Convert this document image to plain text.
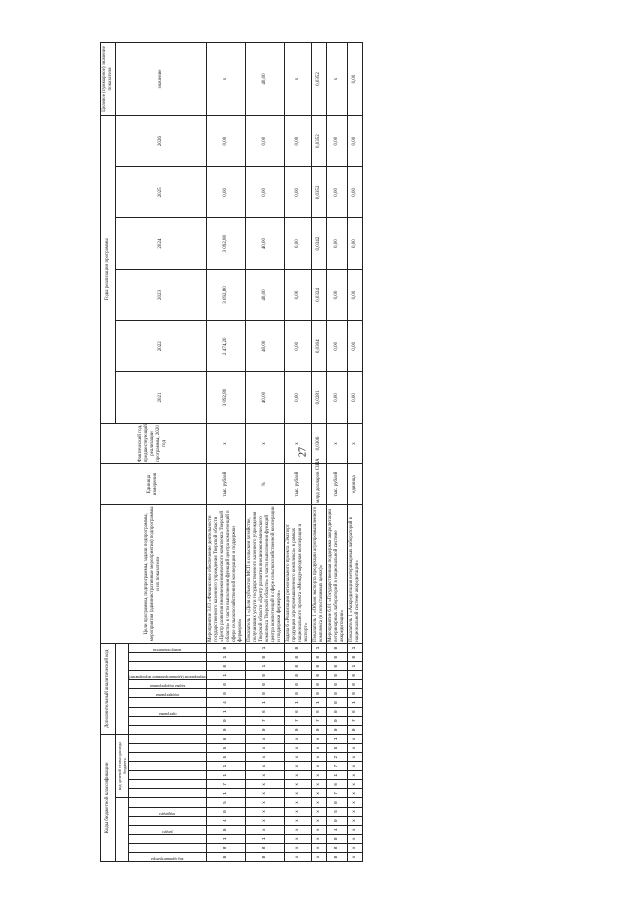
27
Коды бюджетной классификации														Дополнительный аналитический код										Цели программы, подпрограммы, задачи подпрограммы, мероприятия (административные мероприятия) подпрограммы и их показатели	Единица измерения	Фактический год, предшествующий реализации программы, 2020 год	Годы реализации программы						Целевое (суммарное) значение показателя
							код целевой статьи расхода бюджета																				2021	2022	2023	2024	2025	2026	значение

код администратора			раздел		подраздел											программа		подпрограмма	задача подпрограммы	мероприятие (административное мероприятие)			номер показателя										

0	8	1	0	4	0	5	1	7	1	1	5	5	6	0	0	1	4	0	0	1	0	1	0	Мероприятие 3.03 «Финансовое обеспечение деятельности государственного казенного учреждения Тверской области «Центр развития внешнеэкономического комплекса Тверской области» в части выполнения функций центра компетенций в сфере сельскохозяйственной кооперации и поддержки фермеров»	тыс. рублей	x	3 092,80	2 474,20	3 092,80	3 092,80	0,00	0,00	x
0	8	1	x	x	x	x	x	x	x	x	x	x	x	0	7	6	1	0	0	0	1	0	1	Показатель 1 «Доля субъектов МСП в сельском хозяйстве, получивших услуги государственного казенного учреждения Тверской области «Центр развития внешнеэкономического комплекса Тверской области» в части выполнения функций центра компетенций в сфере сельскохозяйственной кооперации и поддержки фермеров»	%	x	40,00	40,00	40,00	40,00	0,00	0,00	40,00
x	x	x	x	x	x	x	x	x	x	x	x	x	x	0	7	6	1	0	0	0	0	0	0	Задача 6 «Реализация регионального проекта «Экспорт продукции агропромышленного комплекса» в рамках национального проекта «Международная кооперация и экспорт»	тыс. рублей	x	0,00	0,00	0,00	0,00	0,00	0,00	x
x	x	x	x	x	x	x	x	x	x	x	x	x	x	0	7	6	1	0	0	0	0	0	1	Показатель 1 «Объем экспорта продукции агропромышленного комплекса (в сопоставимых ценах)»	млрд долларов США	0,0306	0,0281	0,0304	0,0324	0,0342	0,0352	0,0352	0,0352
0	8	0	4	0	5	0	7	6	1	7	2	5	1	0	0	0	0	0	0	0	0	0	0	Мероприятие 6.01 «Государственная поддержка аккредитации ветеринарных лабораторий в национальной системе аккредитации»	тыс. рублей	x	0,00	0,00	0,00	0,00	0,00	0,00	x
x	x	x	x	x	x	x	x	x	x	x	x	x	x	0	7	6	1	0	0	0	1	0	1	Показатель 1 «Аккредитация ветеринарных лабораторий в национальной системе аккредитации»	единица	x	0,00	0,00	0,00	0,00	0,00	0,00	0,00
